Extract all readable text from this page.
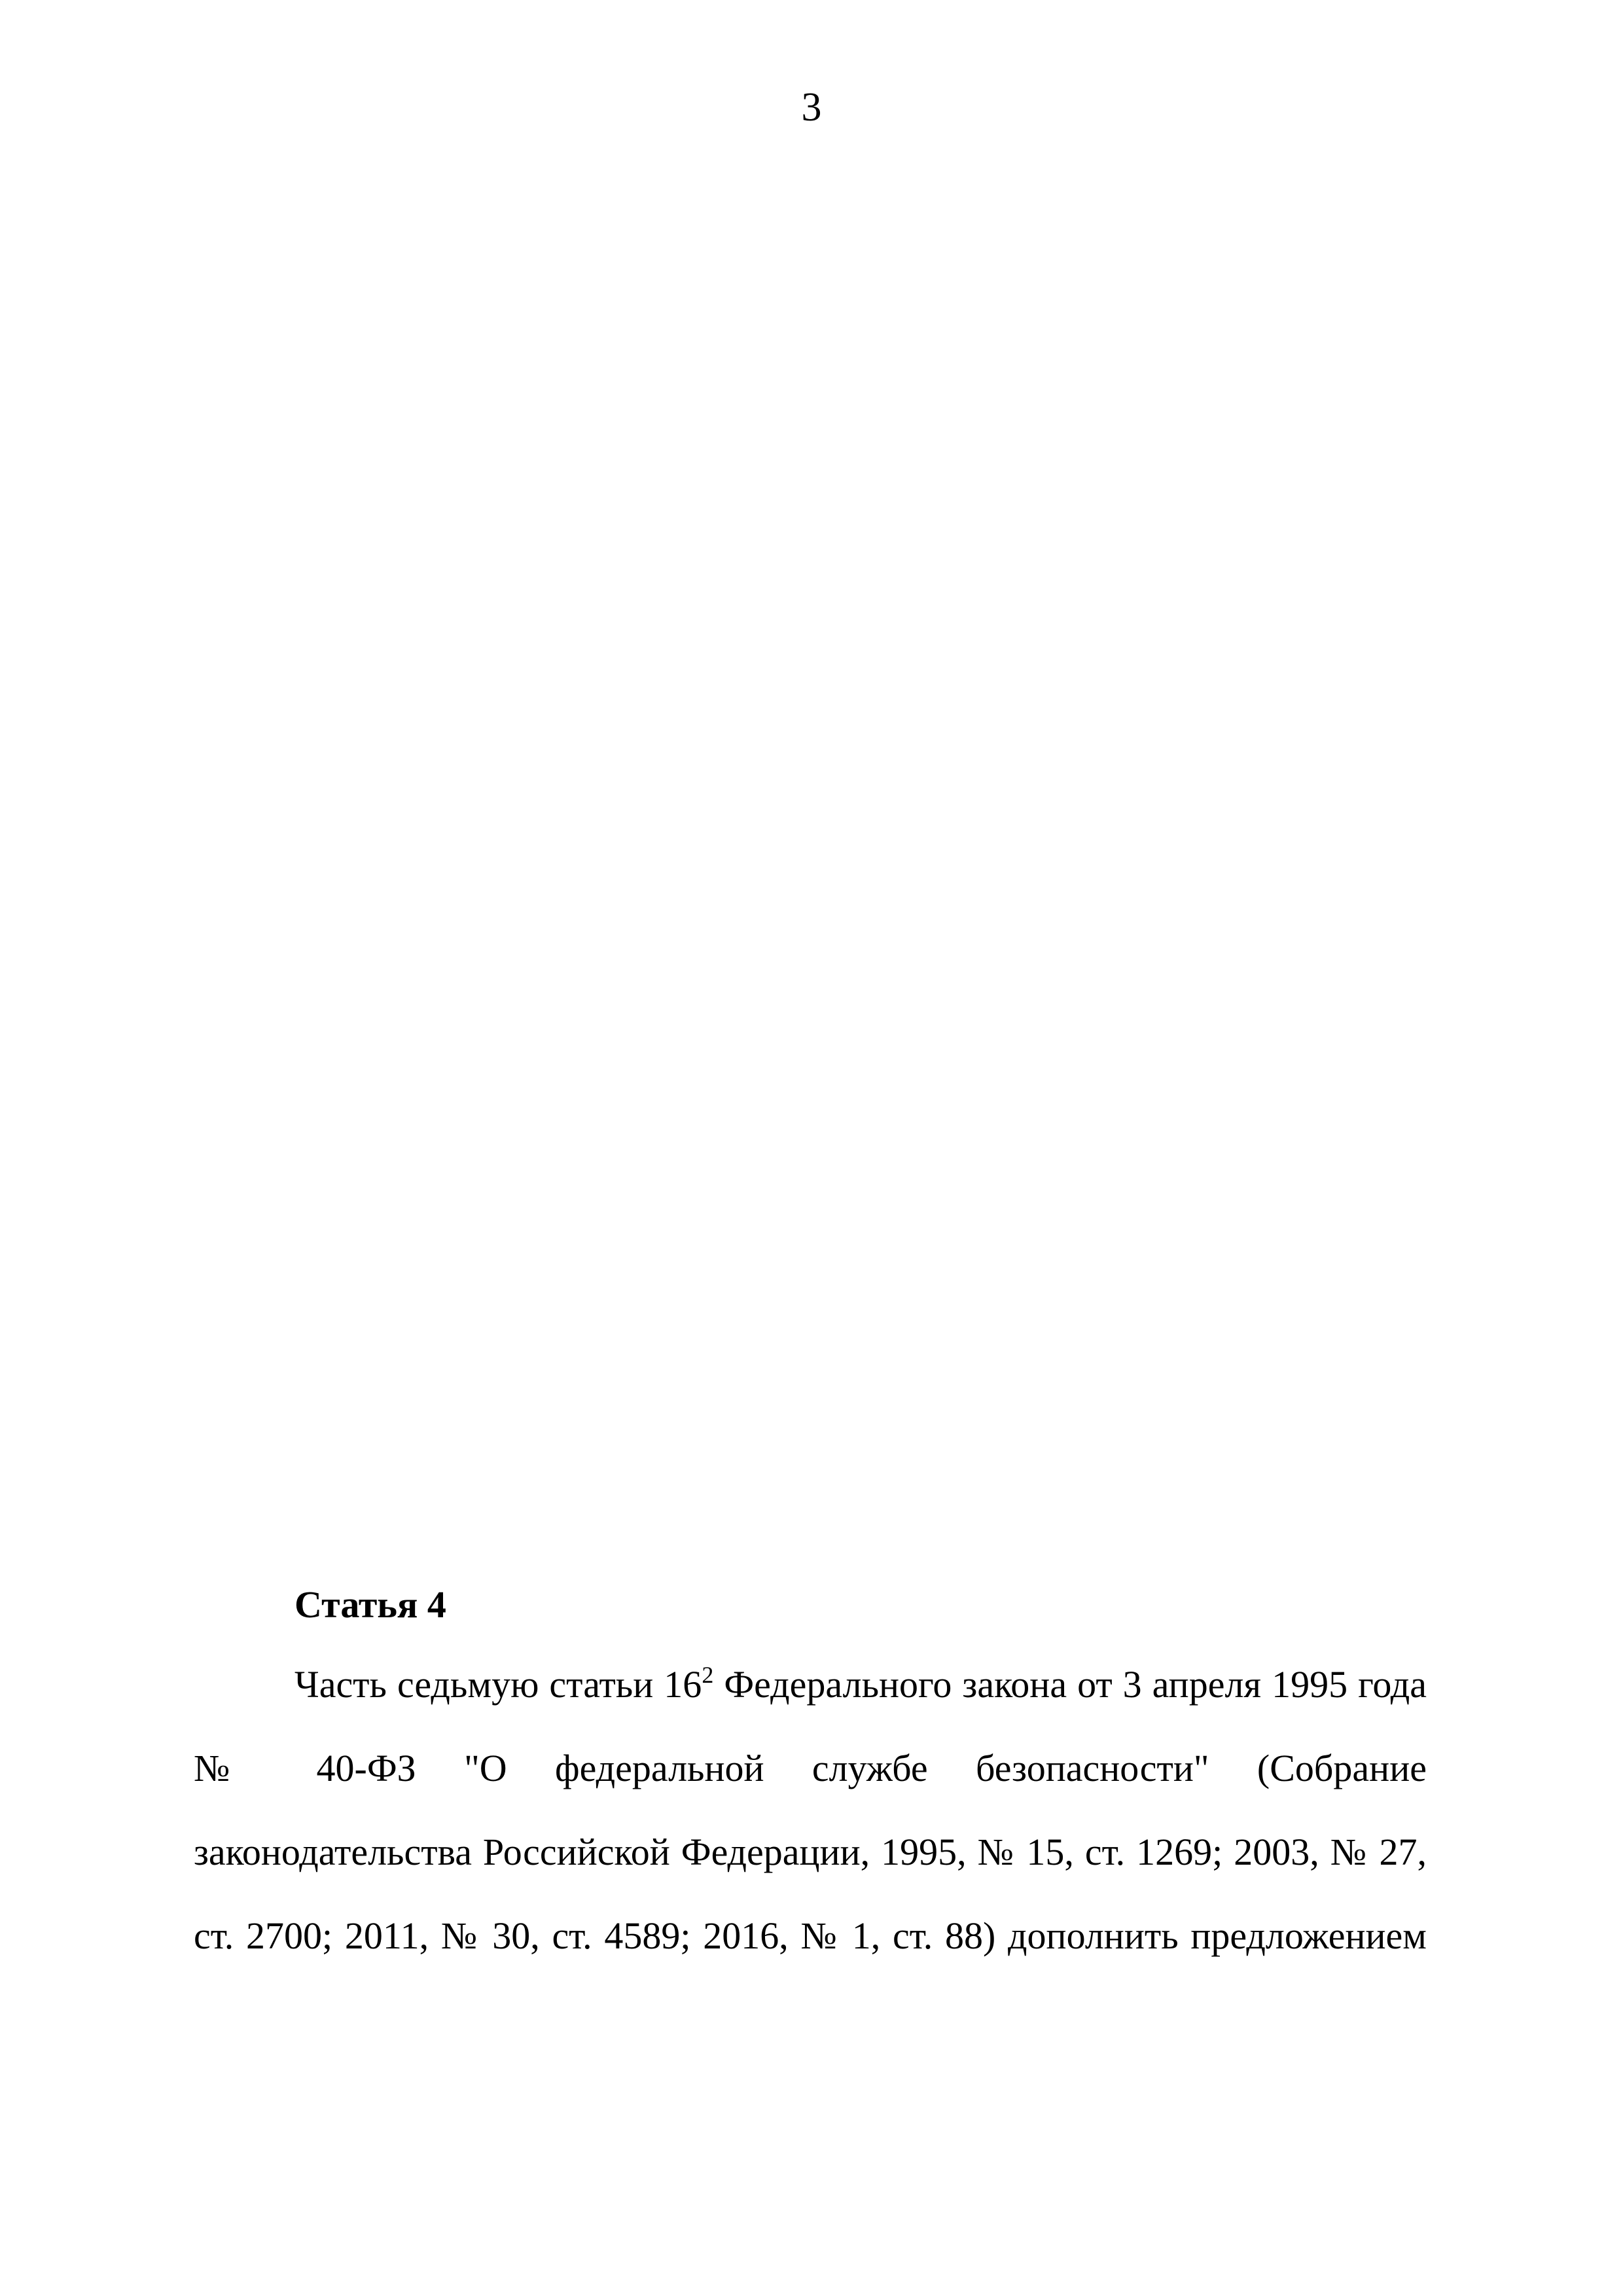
3
Статья 4
Часть седьмую статьи $16^2$ Федерального закона от 3 апреля 1995 года
№ 40-ФЗ "О федеральной службе безопасности" (Собрание
законодательства Российской Федерации, 1995, № 15, ст. 1269; 2003, № 27,
ст. 2700; 2011, № 30, ст. 4589; 2016, № 1, ст. 88) дополнить предложением
